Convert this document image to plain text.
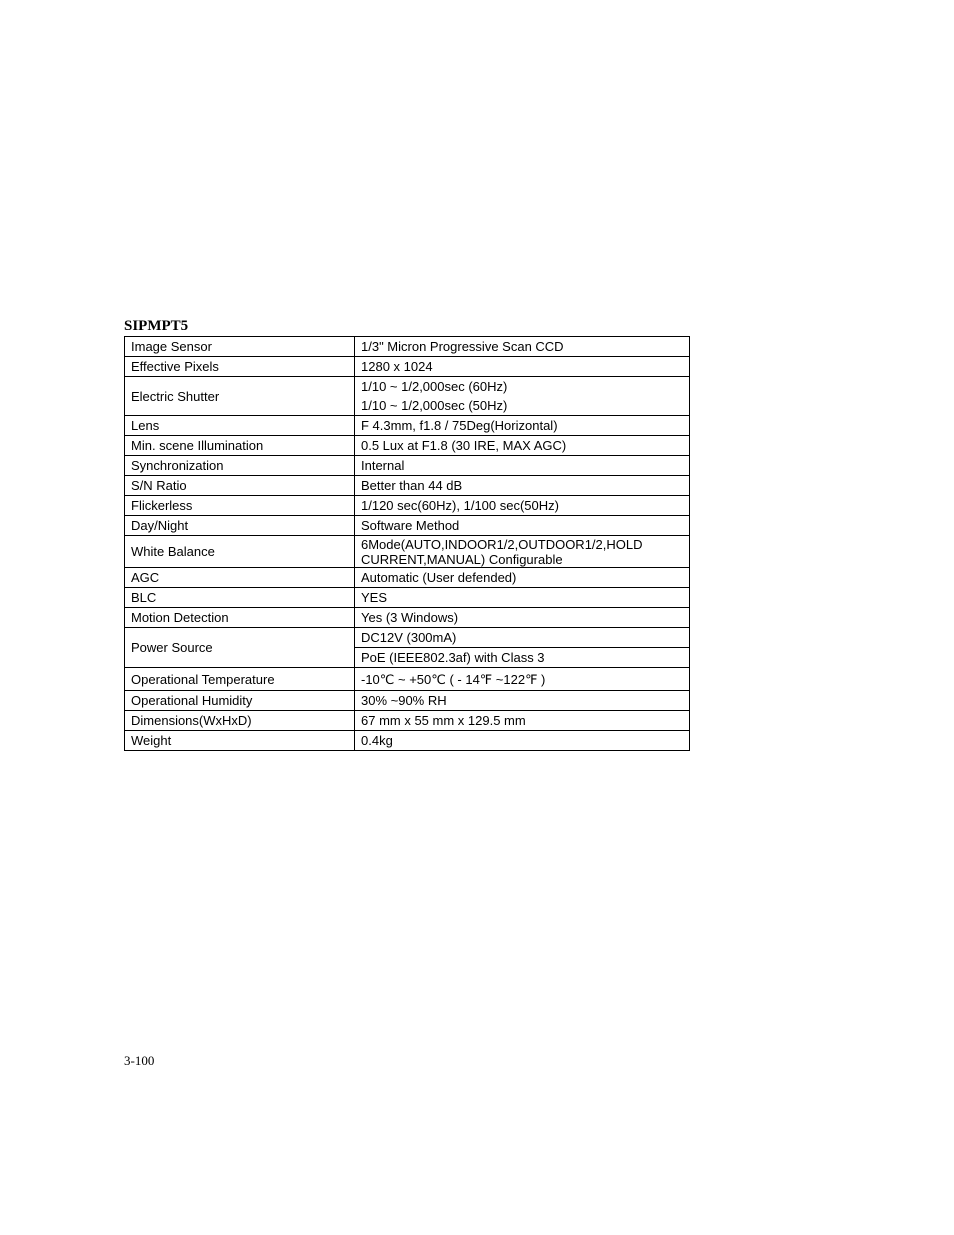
SIPMPT5
Image Sensor	1/3" Micron Progressive Scan CCD
Effective Pixels	1280 x 1024
Electric Shutter	1/10 ~ 1/2,000sec (60Hz)
	1/10 ~ 1/2,000sec (50Hz)
Lens	F 4.3mm, f1.8 / 75Deg(Horizontal)
Min. scene Illumination	0.5 Lux at F1.8 (30 IRE, MAX AGC)
Synchronization	Internal
S/N Ratio	Better than 44 dB
Flickerless	1/120 sec(60Hz), 1/100 sec(50Hz)
Day/Night	Software Method
White Balance	6Mode(AUTO,INDOOR1/2,OUTDOOR1/2,HOLD CURRENT,MANUAL) Configurable
AGC	Automatic (User defended)
BLC	YES
Motion Detection	Yes (3 Windows)
Power Source	DC12V (300mA)
	PoE (IEEE802.3af) with Class 3
Operational Temperature	-10℃ ~ +50℃ ( - 14℉ ~122℉ )
Operational Humidity	30% ~90% RH
Dimensions(WxHxD)	67 mm x 55 mm x 129.5 mm
Weight	0.4kg
3-100
